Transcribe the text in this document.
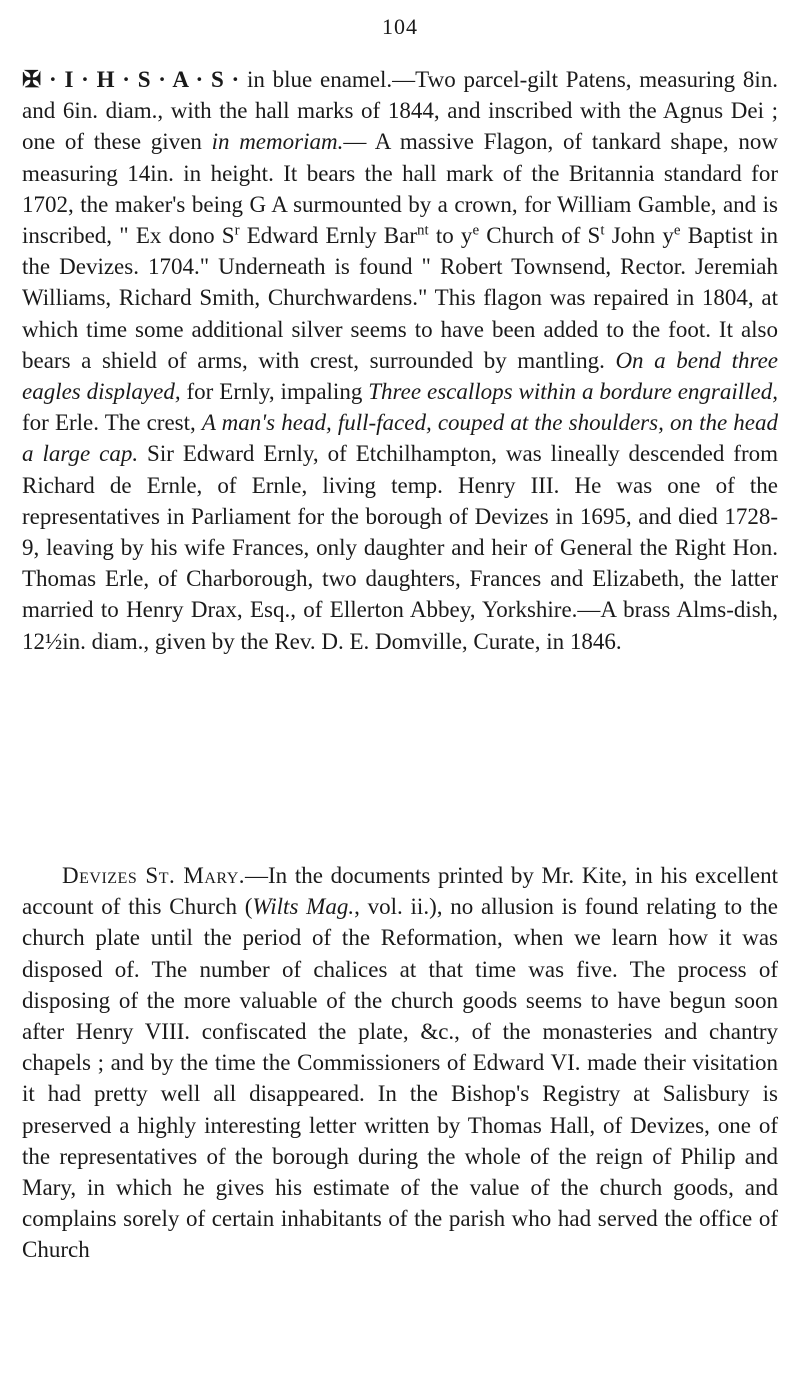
104
✠ · I · H · S · A · S · in blue enamel.—Two parcel-gilt Patens, measuring 8in. and 6in. diam., with the hall marks of 1844, and inscribed with the Agnus Dei ; one of these given in memoriam.— A massive Flagon, of tankard shape, now measuring 14in. in height. It bears the hall mark of the Britannia standard for 1702, the maker's being G A surmounted by a crown, for William Gamble, and is inscribed, " Ex dono $S^r$ Edward Ernly Bar$^{nt}$ to $y^e$ Church of $S^t$ John $y^e$ Baptist in the Devizes. 1704." Underneath is found " Robert Townsend, Rector. Jeremiah Williams, Richard Smith, Churchwardens." This flagon was repaired in 1804, at which time some additional silver seems to have been added to the foot. It also bears a shield of arms, with crest, surrounded by mantling. On a bend three eagles displayed, for Ernly, impaling Three escallops within a bordure engrailled, for Erle. The crest, A man's head, full-faced, couped at the shoulders, on the head a large cap. Sir Edward Ernly, of Etchilhampton, was lineally descended from Richard de Ernle, of Ernle, living temp. Henry III. He was one of the representatives in Parliament for the borough of Devizes in 1695, and died 1728-9, leaving by his wife Frances, only daughter and heir of General the Right Hon. Thomas Erle, of Charborough, two daughters, Frances and Elizabeth, the latter married to Henry Drax, Esq., of Ellerton Abbey, Yorkshire.—A brass Alms-dish, 12½in. diam., given by the Rev. D. E. Domville, Curate, in 1846.
Devizes St. Mary.—In the documents printed by Mr. Kite, in his excellent account of this Church (Wilts Mag., vol. ii.), no allusion is found relating to the church plate until the period of the Reformation, when we learn how it was disposed of. The number of chalices at that time was five. The process of disposing of the more valuable of the church goods seems to have begun soon after Henry VIII. confiscated the plate, &c., of the monasteries and chantry chapels ; and by the time the Commissioners of Edward VI. made their visitation it had pretty well all disappeared. In the Bishop's Registry at Salisbury is preserved a highly interesting letter written by Thomas Hall, of Devizes, one of the representatives of the borough during the whole of the reign of Philip and Mary, in which he gives his estimate of the value of the church goods, and complains sorely of certain inhabitants of the parish who had served the office of Church
